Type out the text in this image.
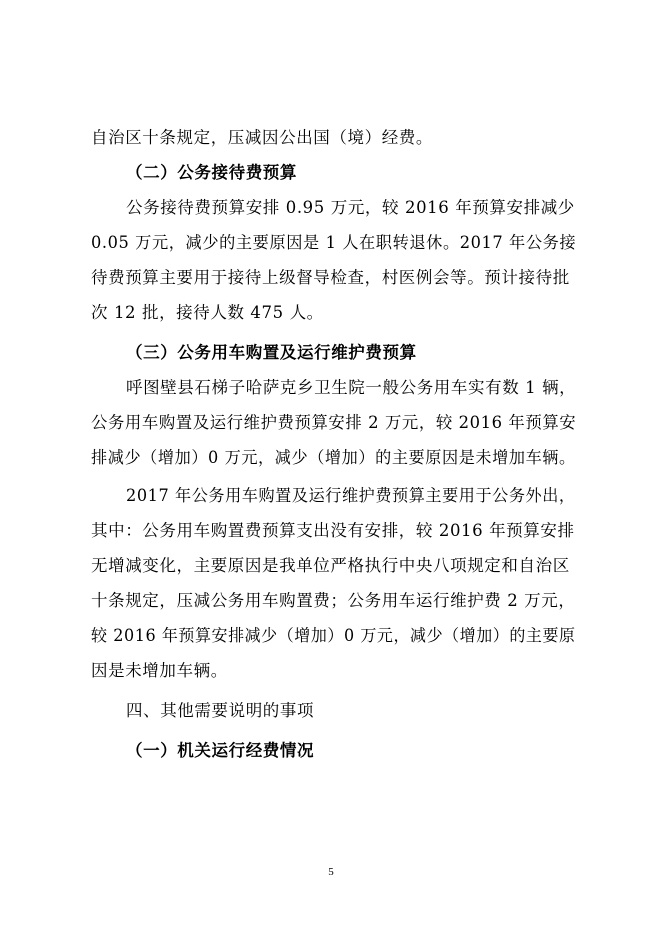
自治区十条规定，压减因公出国（境）经费。
（二）公务接待费预算
公务接待费预算安排 0.95 万元，较 2016 年预算安排减少
0.05 万元，减少的主要原因是 1 人在职转退休。2017 年公务接
待费预算主要用于接待上级督导检查，村医例会等。预计接待批
次 12 批，接待人数 475 人。
（三）公务用车购置及运行维护费预算
呼图壁县石梯子哈萨克乡卫生院一般公务用车实有数 1 辆，
公务用车购置及运行维护费预算安排 2 万元，较 2016 年预算安
排减少（增加）0 万元，减少（增加）的主要原因是未增加车辆。
2017 年公务用车购置及运行维护费预算主要用于公务外出，
其中：公务用车购置费预算支出没有安排，较 2016 年预算安排
无增减变化，主要原因是我单位严格执行中央八项规定和自治区
十条规定，压减公务用车购置费；公务用车运行维护费 2 万元，
较 2016 年预算安排减少（增加）0 万元，减少（增加）的主要原
因是未增加车辆。
四、其他需要说明的事项
（一）机关运行经费情况
5
